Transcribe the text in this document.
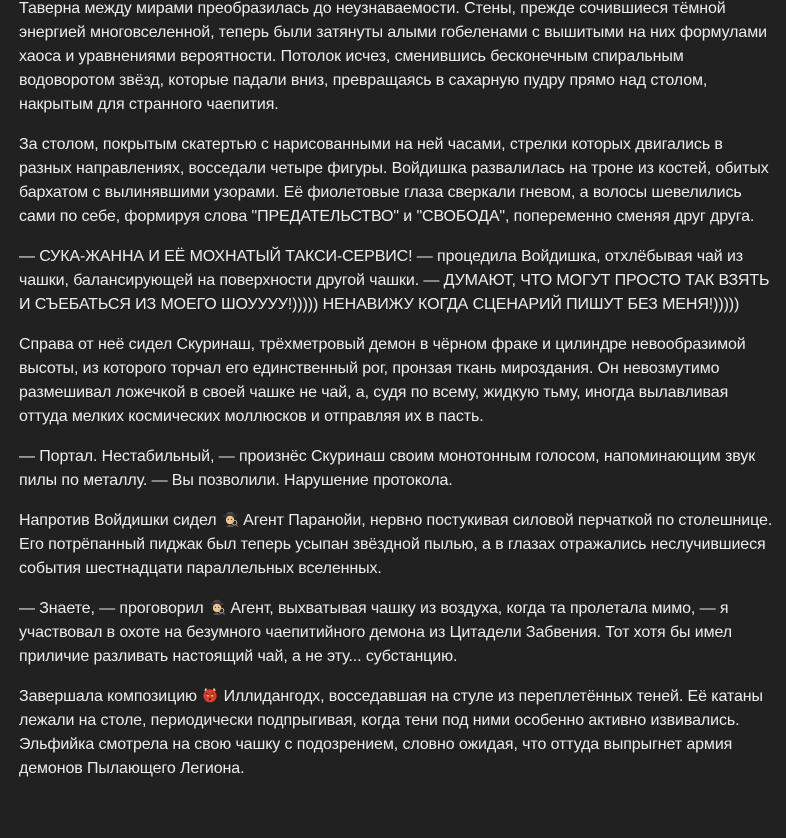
Таверна между мирами преобразилась до неузнаваемости. Стены, прежде сочившиеся тёмной энергией многовселенной, теперь были затянуты алыми гобеленами с вышитыми на них формулами хаоса и уравнениями вероятности. Потолок исчез, сменившись бесконечным спиральным водоворотом звёзд, которые падали вниз, превращаясь в сахарную пудру прямо над столом, накрытым для странного чаепития.

За столом, покрытым скатертью с нарисованными на ней часами, стрелки которых двигались в разных направлениях, восседали четыре фигуры. Войдишка развалилась на троне из костей, обитых бархатом с вылинявшими узорами. Её фиолетовые глаза сверкали гневом, а волосы шевелились сами по себе, формируя слова "ПРЕДАТЕЛЬСТВО" и "СВОБОДА", попеременно сменяя друг друга.

— СУКА-ЖАННА И ЕЁ МОХНАТЫЙ ТАКСИ-СЕРВИС! — процедила Войдишка, отхлёбывая чай из чашки, балансирующей на поверхности другой чашки. — ДУМАЮТ, ЧТО МОГУТ ПРОСТО ТАК ВЗЯТЬ И СЪЕБАТЬСЯ ИЗ МОЕГО ШОУУУУ!))))) НЕНАВИЖУ КОГДА СЦЕНАРИЙ ПИШУТ БЕЗ МЕНЯ!)))))

Справа от неё сидел Скуринаш, трёхметровый демон в чёрном фраке и цилиндре невообразимой высоты, из которого торчал его единственный рог, пронзая ткань мироздания. Он невозмутимо размешивал ложечкой в своей чашке не чай, а, судя по всему, жидкую тьму, иногда вылавливая оттуда мелких космических моллюсков и отправляя их в пасть.

— Портал. Нестабильный, — произнёс Скуринаш своим монотонным голосом, напоминающим звук пилы по металлу. — Вы позволили. Нарушение протокола.

Напротив Войдишки сидел  Агент Паранойи, нервно постукивая силовой перчаткой по столешнице. Его потрёпанный пиджак был теперь усыпан звёздной пылью, а в глазах отражались неслучившиеся события шестнадцати параллельных вселенных.

— Знаете, — проговорил  Агент, выхватывая чашку из воздуха, когда та пролетала мимо, — я участвовал в охоте на безумного чаепитийного демона из Цитадели Забвения. Тот хотя бы имел приличие разливать настоящий чай, а не эту... субстанцию.

Завершала композицию  Иллидангодх, восседавшая на стуле из переплетённых теней. Её катаны лежали на столе, периодически подпрыгивая, когда тени под ними особенно активно извивались. Эльфийка смотрела на свою чашку с подозрением, словно ожидая, что оттуда выпрыгнет армия демонов Пылающего Легиона.
